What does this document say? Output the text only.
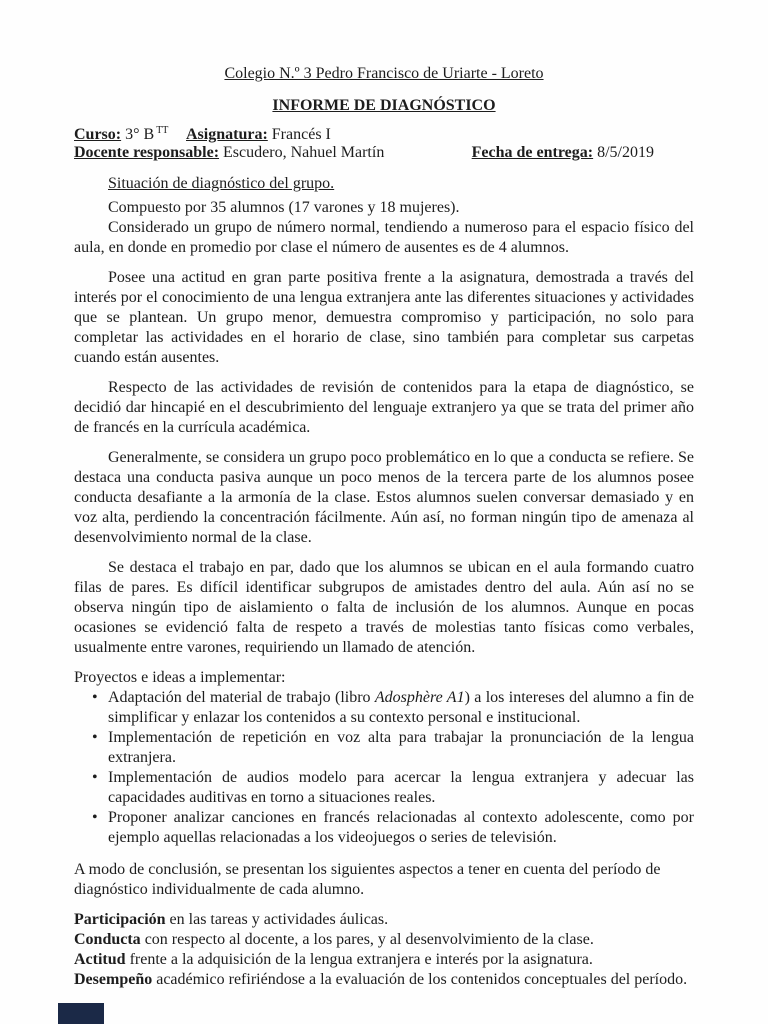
Colegio N.º 3 Pedro Francisco de Uriarte - Loreto
INFORME DE DIAGNÓSTICO
Curso: 3° B $^{TT}$	Asignatura: Francés I
Docente responsable: Escudero, Nahuel Martín	Fecha de entrega: 8/5/2019
Situación de diagnóstico del grupo.

Compuesto por 35 alumnos (17 varones y 18 mujeres).

Considerado un grupo de número normal, tendiendo a numeroso para el espacio físico del aula, en donde en promedio por clase el número de ausentes es de 4 alumnos.

Posee una actitud en gran parte positiva frente a la asignatura, demostrada a través del interés por el conocimiento de una lengua extranjera ante las diferentes situaciones y actividades que se plantean. Un grupo menor, demuestra compromiso y participación, no solo para completar las actividades en el horario de clase, sino también para completar sus carpetas cuando están ausentes.

Respecto de las actividades de revisión de contenidos para la etapa de diagnóstico, se decidió dar hincapié en el descubrimiento del lenguaje extranjero ya que se trata del primer año de francés en la currícula académica.

Generalmente, se considera un grupo poco problemático en lo que a conducta se refiere. Se destaca una conducta pasiva aunque un poco menos de la tercera parte de los alumnos posee conducta desafiante a la armonía de la clase. Estos alumnos suelen conversar demasiado y en voz alta, perdiendo la concentración fácilmente. Aún así, no forman ningún tipo de amenaza al desenvolvimiento normal de la clase.

Se destaca el trabajo en par, dado que los alumnos se ubican en el aula formando cuatro filas de pares. Es difícil identificar subgrupos de amistades dentro del aula. Aún así no se observa ningún tipo de aislamiento o falta de inclusión de los alumnos. Aunque en pocas ocasiones se evidenció falta de respeto a través de molestias tanto físicas como verbales, usualmente entre varones, requiriendo un llamado de atención.

Proyectos e ideas a implementar:
• Adaptación del material de trabajo (libro Adosphère A1) a los intereses del alumno a fin de simplificar y enlazar los contenidos a su contexto personal e institucional.
• Implementación de repetición en voz alta para trabajar la pronunciación de la lengua extranjera.
• Implementación de audios modelo para acercar la lengua extranjera y adecuar las capacidades auditivas en torno a situaciones reales.
• Proponer analizar canciones en francés relacionadas al contexto adolescente, como por ejemplo aquellas relacionadas a los videojuegos o series de televisión.
A modo de conclusión, se presentan los siguientes aspectos a tener en cuenta del período de
diagnóstico individualmente de cada alumno.

Participación en las tareas y actividades áulicas.

Conducta con respecto al docente, a los pares, y al desenvolvimiento de la clase.

Actitud frente a la adquisición de la lengua extranjera e interés por la asignatura.

Desempeño académico refiriéndose a la evaluación de los contenidos conceptuales del período.
